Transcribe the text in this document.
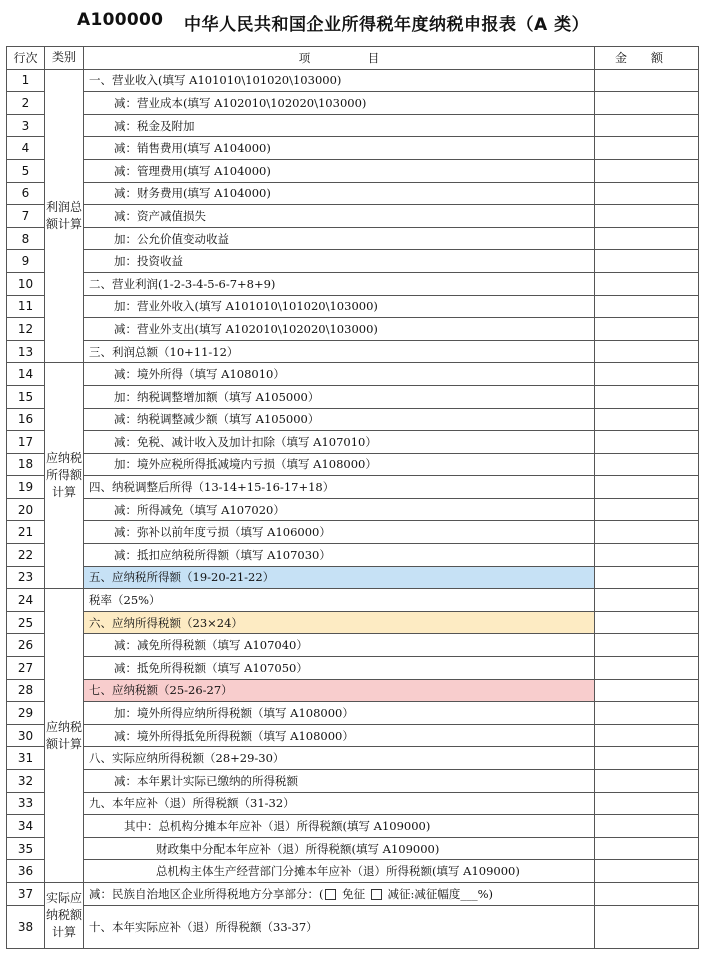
A100000 中华人民共和国企业所得税年度纳税申报表（A 类）
行次	类别	项　　　　　目	金　　额
1	利润总额计算	一、营业收入(填写 A101010\101020\103000)	
2		减：营业成本(填写 A102010\102020\103000)	
3		减：税金及附加	
4		减：销售费用(填写 A104000)	
5		减：管理费用(填写 A104000)	
6		减：财务费用(填写 A104000)	
7		减：资产减值损失	
8		加：公允价值变动收益	
9		加：投资收益	
10		二、营业利润(1-2-3-4-5-6-7+8+9)	
11		加：营业外收入(填写 A101010\101020\103000)	
12		减：营业外支出(填写 A102010\102020\103000)	
13		三、利润总额（10+11-12）	
14	应纳税所得额计算	减：境外所得（填写 A108010）	
15		加：纳税调整增加额（填写 A105000）	
16		减：纳税调整减少额（填写 A105000）	
17		减：免税、减计收入及加计扣除（填写 A107010）	
18		加：境外应税所得抵减境内亏损（填写 A108000）	
19		四、纳税调整后所得（13-14+15-16-17+18）	
20		减：所得减免（填写 A107020）	
21		减：弥补以前年度亏损（填写 A106000）	
22		减：抵扣应纳税所得额（填写 A107030）	
23		五、应纳税所得额（19-20-21-22）	
24	应纳税额计算	税率（25%）	
25		六、应纳所得税额（23×24）	
26		减：减免所得税额（填写 A107040）	
27		减：抵免所得税额（填写 A107050）	
28		七、应纳税额（25-26-27）	
29		加：境外所得应纳所得税额（填写 A108000）	
30		减：境外所得抵免所得税额（填写 A108000）	
31		八、实际应纳所得税额（28+29-30）	
32		减：本年累计实际已缴纳的所得税额	
33		九、本年应补（退）所得税额（31-32）	
34		其中：总机构分摊本年应补（退）所得税额(填写 A109000)	
35		财政集中分配本年应补（退）所得税额(填写 A109000)	
36		总机构主体生产经营部门分摊本年应补（退）所得税额(填写 A109000)	
37	实际应纳税额计算	减：民族自治地区企业所得税地方分享部分：( 免征  减征:减征幅度___%)	
38		十、本年实际应补（退）所得税额（33-37）	
